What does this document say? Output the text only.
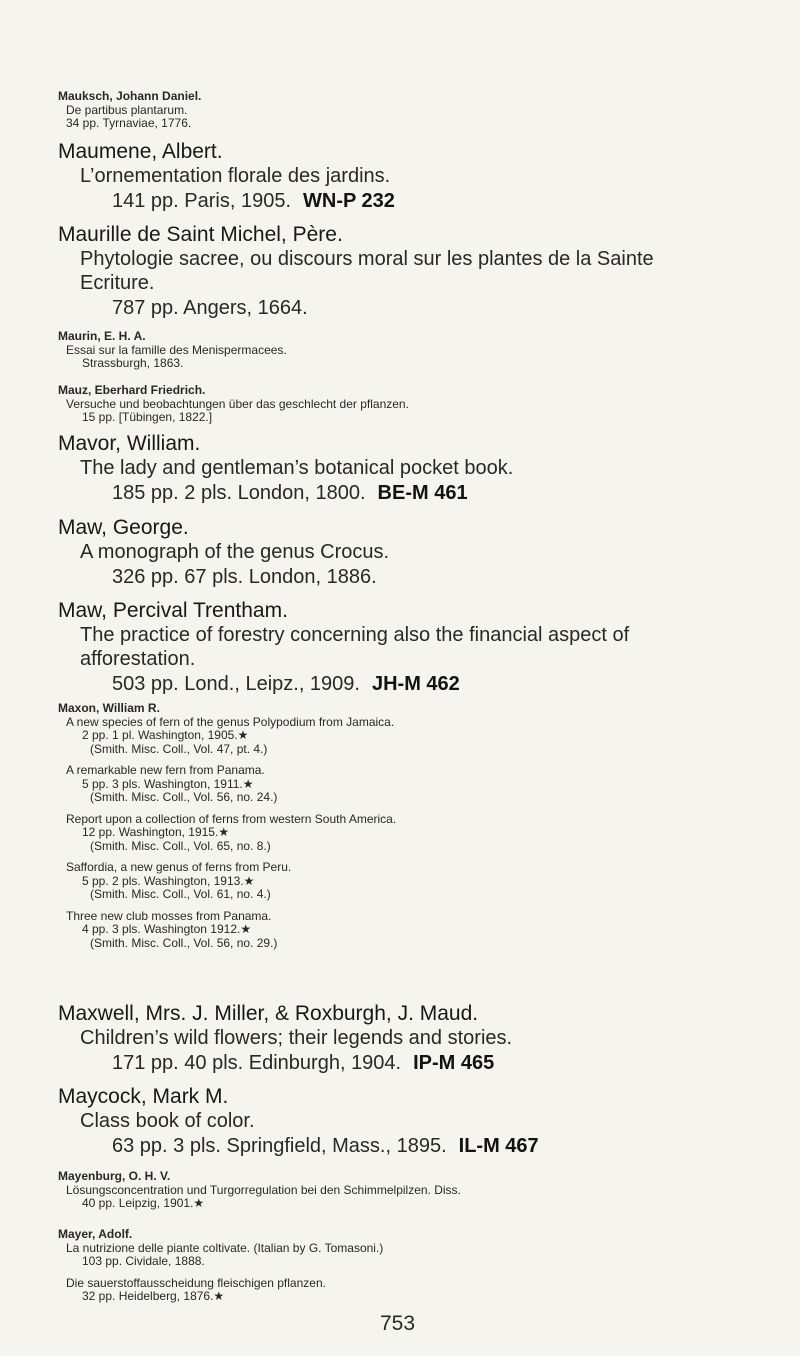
Mauksch, Johann Daniel.
De partibus plantarum.
34 pp. Tyrnaviae, 1776.
Maumene, Albert.
L’ornementation florale des jardins.
141 pp. Paris, 1905. WN-P 232
Maurille de Saint Michel, Père.
Phytologie sacree, ou discours moral sur les plantes de la Sainte
Ecriture.
787 pp. Angers, 1664.
Maurin, E. H. A.
Essai sur la famille des Menispermacees.
Strassburgh, 1863.
Mauz, Eberhard Friedrich.
Versuche und beobachtungen über das geschlecht der pflanzen.
15 pp. [Tübingen, 1822.]
Mavor, William.
The lady and gentleman’s botanical pocket book.
185 pp. 2 pls. London, 1800. BE-M 461
Maw, George.
A monograph of the genus Crocus.
326 pp. 67 pls. London, 1886.
Maw, Percival Trentham.
The practice of forestry concerning also the financial aspect of
afforestation.
503 pp. Lond., Leipz., 1909. JH-M 462
Maxon, William R.
A new species of fern of the genus Polypodium from Jamaica.
2 pp. 1 pl. Washington, 1905.★
(Smith. Misc. Coll., Vol. 47, pt. 4.)
A remarkable new fern from Panama.
5 pp. 3 pls. Washington, 1911.★
(Smith. Misc. Coll., Vol. 56, no. 24.)
Report upon a collection of ferns from western South America.
12 pp. Washington, 1915.★
(Smith. Misc. Coll., Vol. 65, no. 8.)
Saffordia, a new genus of ferns from Peru.
5 pp. 2 pls. Washington, 1913.★
(Smith. Misc. Coll., Vol. 61, no. 4.)
Three new club mosses from Panama.
4 pp. 3 pls. Washington 1912.★
(Smith. Misc. Coll., Vol. 56, no. 29.)
Maxwell, Mrs. J. Miller, & Roxburgh, J. Maud.
Children’s wild flowers; their legends and stories.
171 pp. 40 pls. Edinburgh, 1904. IP-M 465
Maycock, Mark M.
Class book of color.
63 pp. 3 pls. Springfield, Mass., 1895. IL-M 467
Mayenburg, O. H. V.
Lösungsconcentration und Turgorregulation bei den Schimmelpilzen. Diss.
40 pp. Leipzig, 1901.★
Mayer, Adolf.
La nutrizione delle piante coltivate. (Italian by G. Tomasoni.)
103 pp. Cividale, 1888.
Die sauerstoffausscheidung fleischigen pflanzen.
32 pp. Heidelberg, 1876.★
753
